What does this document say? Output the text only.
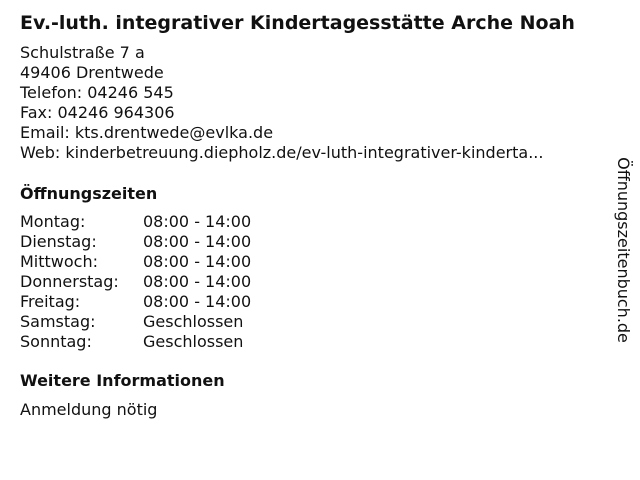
Ev.-luth. integrativer Kindertagesstätte Arche Noah
Schulstraße 7 a
49406 Drentwede
Telefon: 04246 545
Fax: 04246 964306
Email: kts.drentwede@evlka.de
Web: kinderbetreuung.diepholz.de/ev-luth-integrativer-kinderta...
Öffnungszeiten
Montag:	08:00 - 14:00
Dienstag:	08:00 - 14:00
Mittwoch:	08:00 - 14:00
Donnerstag:	08:00 - 14:00
Freitag:	08:00 - 14:00
Samstag:	Geschlossen
Sonntag:	Geschlossen
Weitere Informationen
Anmeldung nötig
Öffnungszeitenbuch.de
